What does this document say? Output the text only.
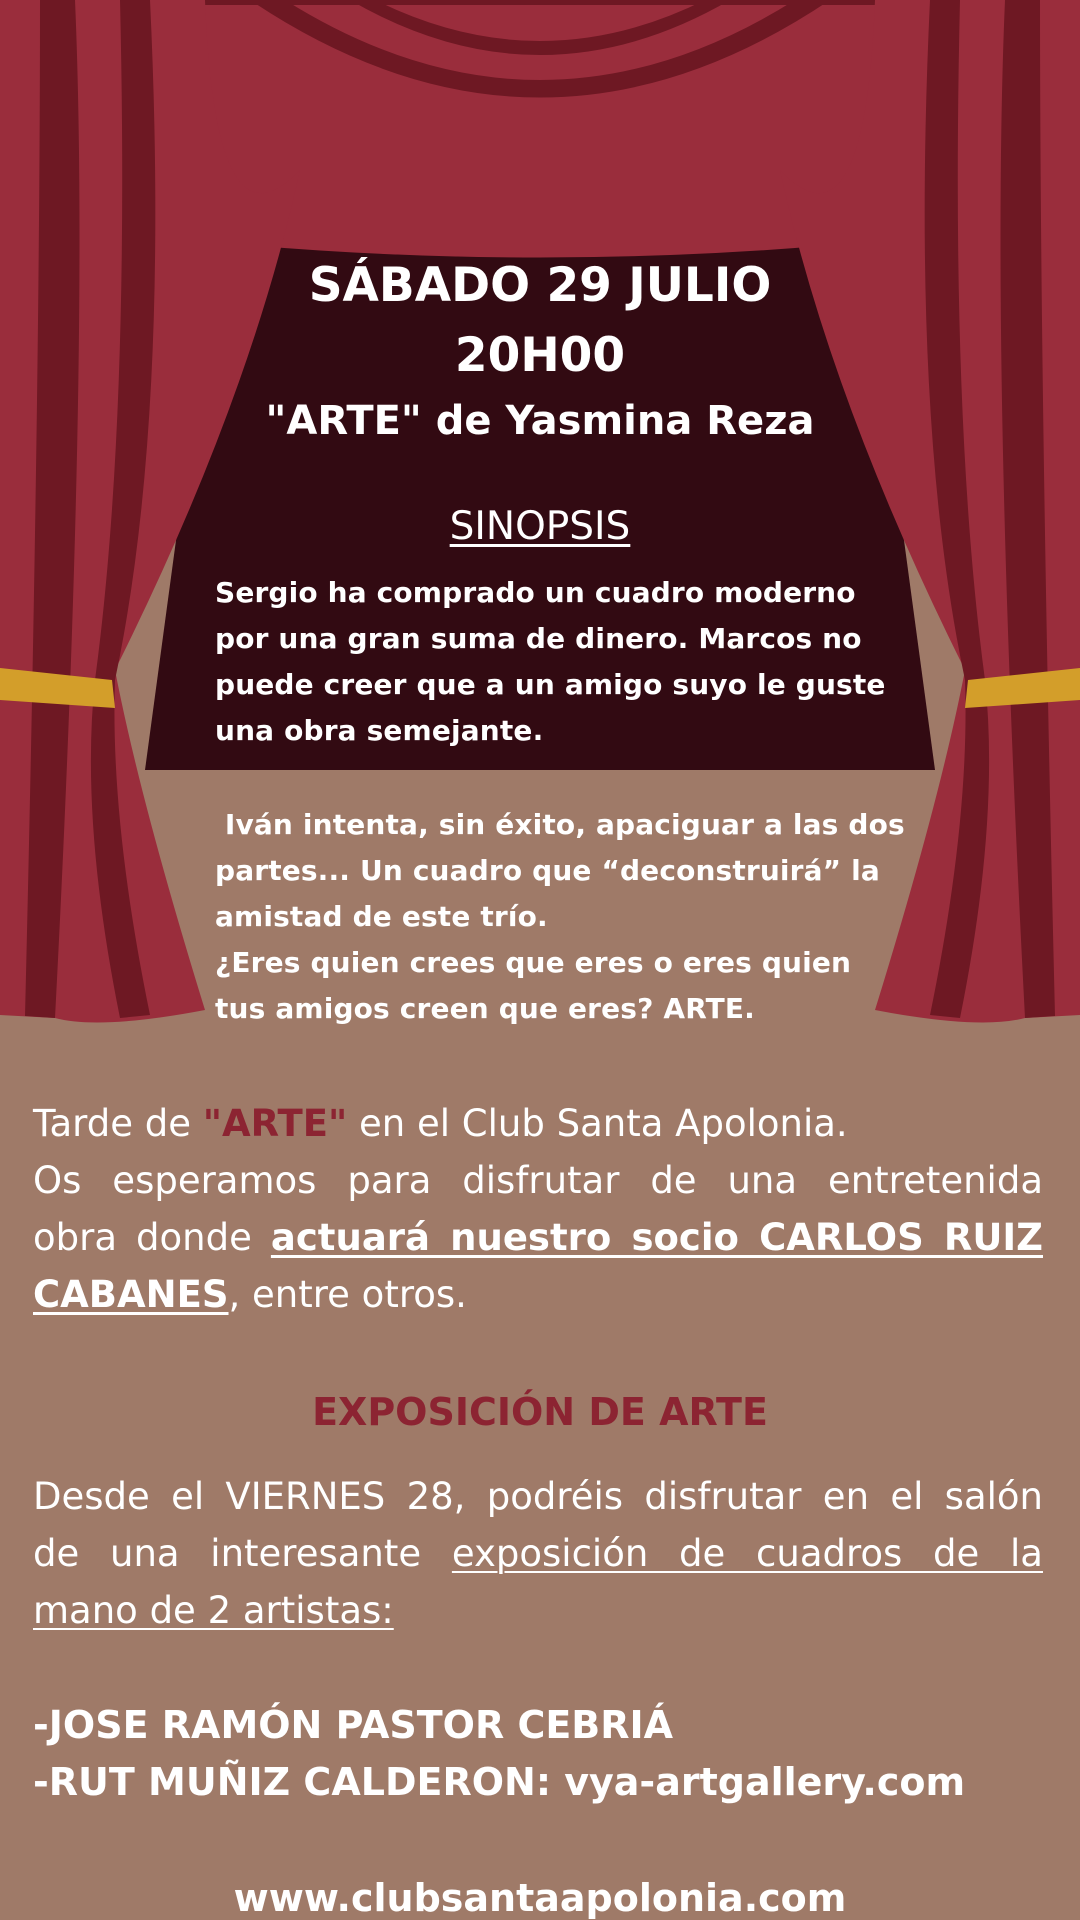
SÁBADO 29 JULIO
20H00
"ARTE" de Yasmina Reza
SINOPSIS
Sergio ha comprado un cuadro moderno
por una gran suma de dinero. Marcos no
puede creer que a un amigo suyo le guste
una obra semejante.
Iván intenta, sin éxito, apaciguar a las dos
partes... Un cuadro que “deconstruirá” la
amistad de este trío.
¿Eres quien crees que eres o eres quien
tus amigos creen que eres? ARTE.
Tarde de "ARTE" en el Club Santa Apolonia.
Os esperamos para disfrutar de una entretenida
obra donde actuará nuestro socio CARLOS RUIZ
CABANES, entre otros.
EXPOSICIÓN DE ARTE
Desde el VIERNES 28, podréis disfrutar en el salón
de una interesante exposición de cuadros de la
mano de 2 artistas:
-JOSE RAMÓN PASTOR CEBRIÁ
-RUT MUÑIZ CALDERON: vya-artgallery.com
www.clubsantaapolonia.com
